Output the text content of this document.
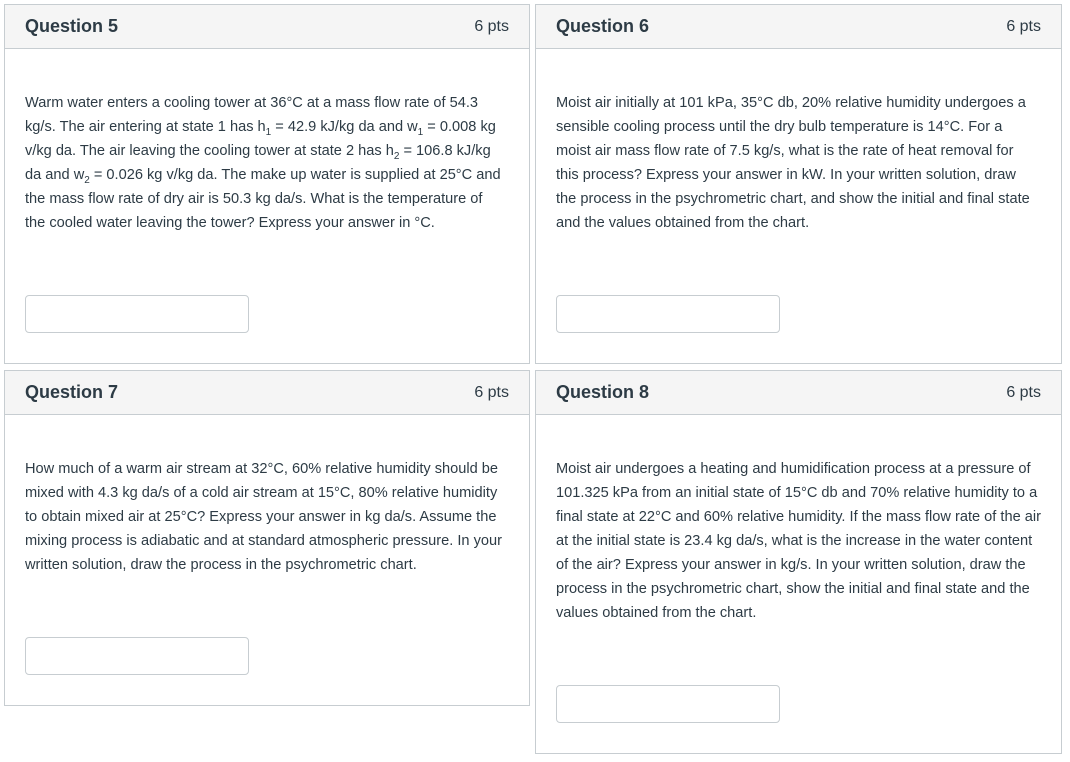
Question 5	6 pts
Warm water enters a cooling tower at 36°C at a mass flow rate of 54.3 kg/s. The air entering at state 1 has $h_1 = 42.9$ kJ/kg da and $w_1 = 0.008$ kg v/kg da. The air leaving the cooling tower at state 2 has $h_2 = 106.8$ kJ/kg da and $w_2 = 0.026$ kg v/kg da. The make up water is supplied at 25°C and the mass flow rate of dry air is 50.3 kg da/s. What is the temperature of the cooled water leaving the tower? Express your answer in °C.
Question 6	6 pts
Moist air initially at 101 kPa, 35°C db, 20% relative humidity undergoes a sensible cooling process until the dry bulb temperature is 14°C. For a moist air mass flow rate of 7.5 kg/s, what is the rate of heat removal for this process? Express your answer in kW. In your written solution, draw the process in the psychrometric chart, and show the initial and final state and the values obtained from the chart.
Question 7	6 pts
How much of a warm air stream at 32°C, 60% relative humidity should be mixed with 4.3 kg da/s of a cold air stream at 15°C, 80% relative humidity to obtain mixed air at 25°C? Express your answer in kg da/s. Assume the mixing process is adiabatic and at standard atmospheric pressure. In your written solution, draw the process in the psychrometric chart.
Question 8	6 pts
Moist air undergoes a heating and humidification process at a pressure of 101.325 kPa from an initial state of 15°C db and 70% relative humidity to a final state at 22°C and 60% relative humidity. If the mass flow rate of the air at the initial state is 23.4 kg da/s, what is the increase in the water content of the air? Express your answer in kg/s. In your written solution, draw the process in the psychrometric chart, show the initial and final state and the values obtained from the chart.
